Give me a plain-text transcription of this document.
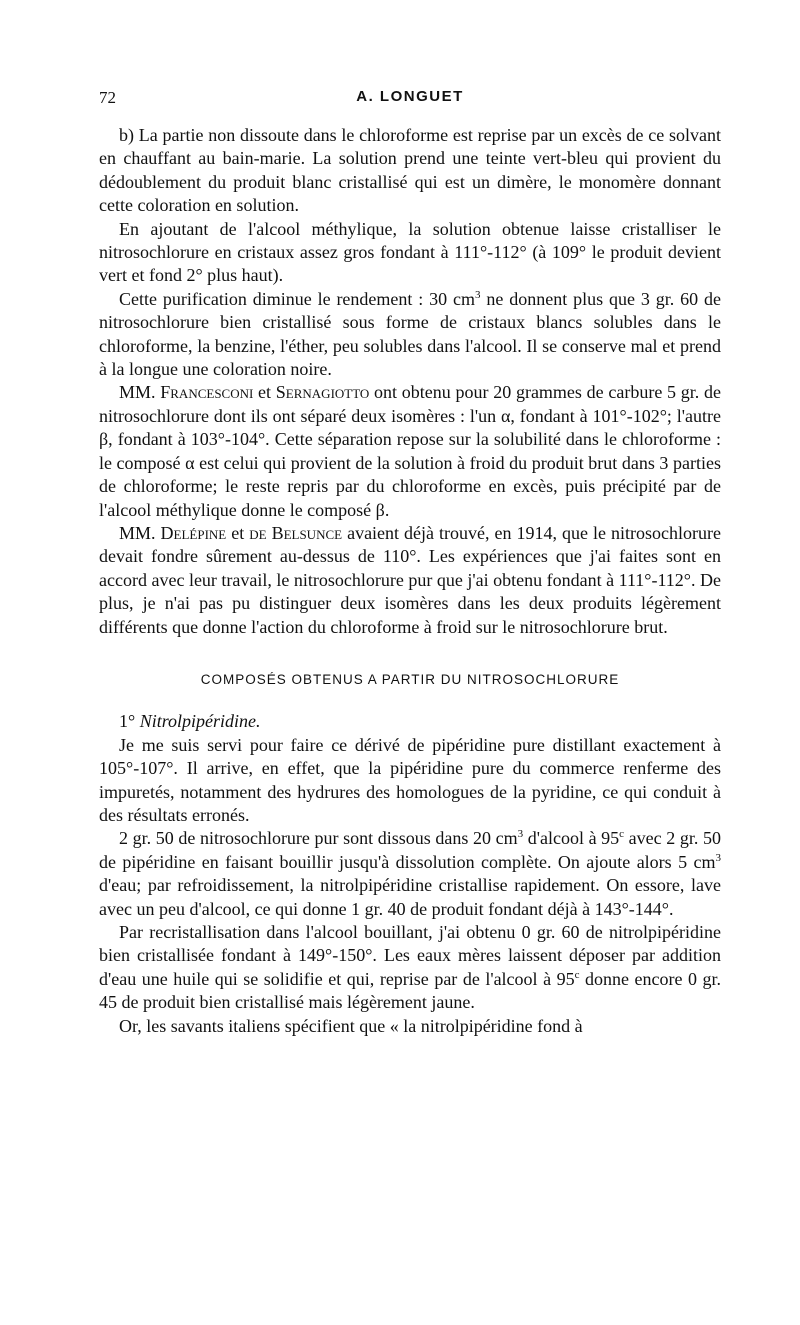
72	A. LONGUET

b) La partie non dissoute dans le chloroforme est reprise par un excès de ce solvant en chauffant au bain-marie. La solution prend une teinte vert-bleu qui provient du dédoublement du produit blanc cristallisé qui est un dimère, le monomère donnant cette coloration en solution.

En ajoutant de l'alcool méthylique, la solution obtenue laisse cristalliser le nitrosochlorure en cristaux assez gros fondant à 111°-112° (à 109° le produit devient vert et fond 2° plus haut).

Cette purification diminue le rendement : 30 $cm^3$ ne donnent plus que 3 gr. 60 de nitrosochlorure bien cristallisé sous forme de cristaux blancs solubles dans le chloroforme, la benzine, l'éther, peu solubles dans l'alcool. Il se conserve mal et prend à la longue une coloration noire.

MM. Francesconi et Sernagiotto ont obtenu pour 20 grammes de carbure 5 gr. de nitrosochlorure dont ils ont séparé deux isomères : l'un α, fondant à 101°-102°; l'autre β, fondant à 103°-104°. Cette séparation repose sur la solubilité dans le chloroforme : le composé α est celui qui provient de la solution à froid du produit brut dans 3 parties de chloroforme; le reste repris par du chloroforme en excès, puis précipité par de l'alcool méthylique donne le composé β.

MM. Delépine et de Belsunce avaient déjà trouvé, en 1914, que le nitrosochlorure devait fondre sûrement au-dessus de 110°. Les expériences que j'ai faites sont en accord avec leur travail, le nitrosochlorure pur que j'ai obtenu fondant à 111°-112°. De plus, je n'ai pas pu distinguer deux isomères dans les deux produits légèrement différents que donne l'action du chloroforme à froid sur le nitrosochlorure brut.

COMPOSÉS OBTENUS A PARTIR DU NITROSOCHLORURE

1° Nitrolpipéridine.

Je me suis servi pour faire ce dérivé de pipéridine pure distillant exactement à 105°-107°. Il arrive, en effet, que la pipéridine pure du commerce renferme des impuretés, notamment des hydrures des homologues de la pyridine, ce qui conduit à des résultats erronés.

2 gr. 50 de nitrosochlorure pur sont dissous dans 20 $cm^3$ d'alcool à 95$^c$ avec 2 gr. 50 de pipéridine en faisant bouillir jusqu'à dissolution complète. On ajoute alors 5 $cm^3$ d'eau; par refroidissement, la nitrolpipéridine cristallise rapidement. On essore, lave avec un peu d'alcool, ce qui donne 1 gr. 40 de produit fondant déjà à 143°-144°.

Par recristallisation dans l'alcool bouillant, j'ai obtenu 0 gr. 60 de nitrolpipéridine bien cristallisée fondant à 149°-150°. Les eaux mères laissent déposer par addition d'eau une huile qui se solidifie et qui, reprise par de l'alcool à 95$^c$ donne encore 0 gr. 45 de produit bien cristallisé mais légèrement jaune.

Or, les savants italiens spécifient que « la nitrolpipéridine fond à
